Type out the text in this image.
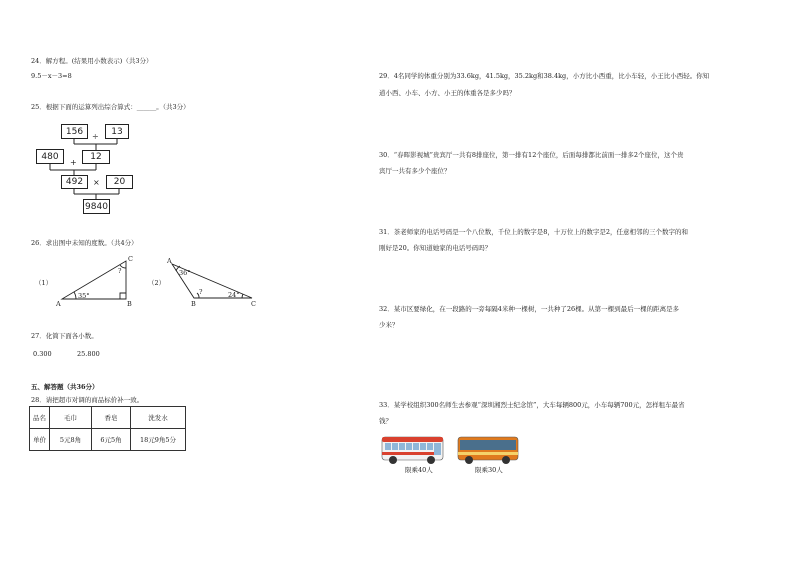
24．解方程。(结果用小数表示)（共3分）
9.5－x－3=8
25．根据下面的运算列出综合算式：______。（共3分）
156	÷	13
480
+
12
492	×	20
9840
26．求出图中未知的度数。（共4分）
（1）
A	B
C
35°
?
（2）
A
B	C
36°
24°
?
27．化简下面各小数。
0.300	25.800
五、解答题（共36分）
28．请把超市对调的商品标价补一致。
品名	毛巾	香皂	洗发水
单价	5元8角	6元5角	18元9角5分
29．4名同学的体重分别为33.6kg，41.5kg，35.2kg和38.4kg，小方比小西重，比小车轻，小王比小西轻。你知
道小西、小车、小方、小王的体重各是多少吗？
30．“春晖影视城”贵宾厅一共有8排座位，第一排有12个座位，后面每排都比前面一排多2个座位，这个贵
宾厅一共有多少个座位？
31．茶老师家的电话号码是一个八位数，千位上的数字是8，十万位上的数字是2，任意相邻的三个数字的和
刚好是20。你知道她家的电话号码吗？
32．某市区要绿化，在一段路的一旁每隔4米种一棵树，一共种了26棵。从第一棵到最后一棵的距离是多
少米？
33．某学校组织300名师生去参观“深圳湘烈士纪念馆”，大车每辆800元，小车每辆700元，怎样租车最省
钱？
限乘40人	限乘30人
